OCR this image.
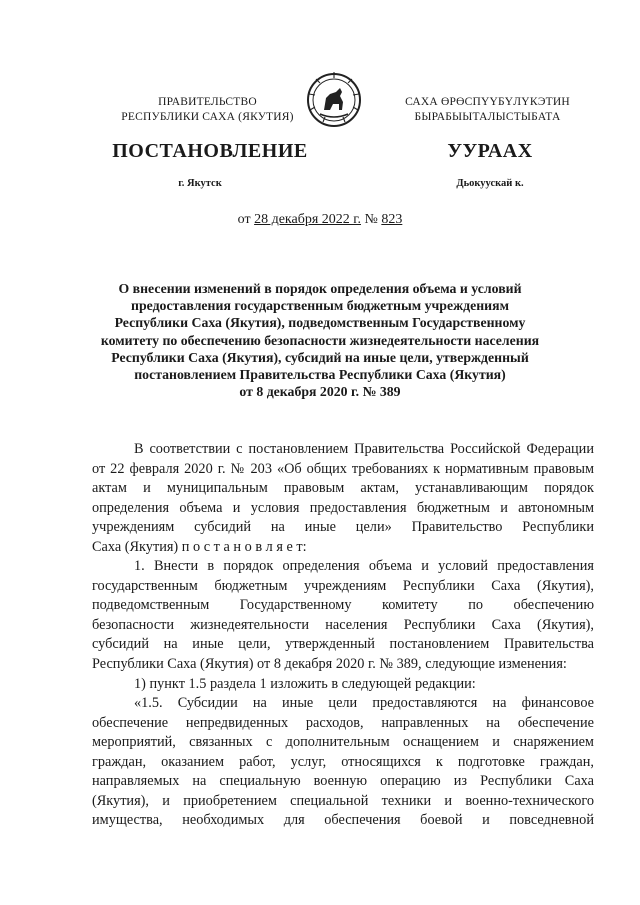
ПРАВИТЕЛЬСТВО
РЕСПУБЛИКИ САХА (ЯКУТИЯ)
САХА ӨРӨСПҮҮБҮЛҮКЭТИН
БЫРАБЫЫТАЛЫСТЫБАТА
ПОСТАНОВЛЕНИЕ	УУРААХ
г. Якутск	Дьокуускай к.
от 28 декабря 2022 г. № 823
О внесении изменений в порядок определения объема и условий
предоставления государственным бюджетным учреждениям
Республики Саха (Якутия), подведомственным Государственному
комитету по обеспечению безопасности жизнедеятельности населения
Республики Саха (Якутия), субсидий на иные цели, утвержденный
постановлением Правительства Республики Саха (Якутия)
от 8 декабря 2020 г. № 389
В соответствии с постановлением Правительства Российской Федерации
от 22 февраля 2020 г. № 203 «Об общих требованиях к нормативным правовым
актам и муниципальным правовым актам, устанавливающим порядок
определения объема и условия предоставления бюджетным и автономным
учреждениям субсидий на иные цели» Правительство Республики
Саха (Якутия) п о с т а н о в л я е т:
1. Внести в порядок определения объема и условий предоставления
государственным бюджетным учреждениям Республики Саха (Якутия),
подведомственным Государственному комитету по обеспечению
безопасности жизнедеятельности населения Республики Саха (Якутия),
субсидий на иные цели, утвержденный постановлением Правительства
Республики Саха (Якутия) от 8 декабря 2020 г. № 389, следующие изменения:
1) пункт 1.5 раздела 1 изложить в следующей редакции:
«1.5. Субсидии на иные цели предоставляются на финансовое
обеспечение непредвиденных расходов, направленных на обеспечение
мероприятий, связанных с дополнительным оснащением и снаряжением
граждан, оказанием работ, услуг, относящихся к подготовке граждан,
направляемых на специальную военную операцию из Республики Саха
(Якутия), и приобретением специальной техники и военно-технического
имущества, необходимых для обеспечения боевой и повседневной
